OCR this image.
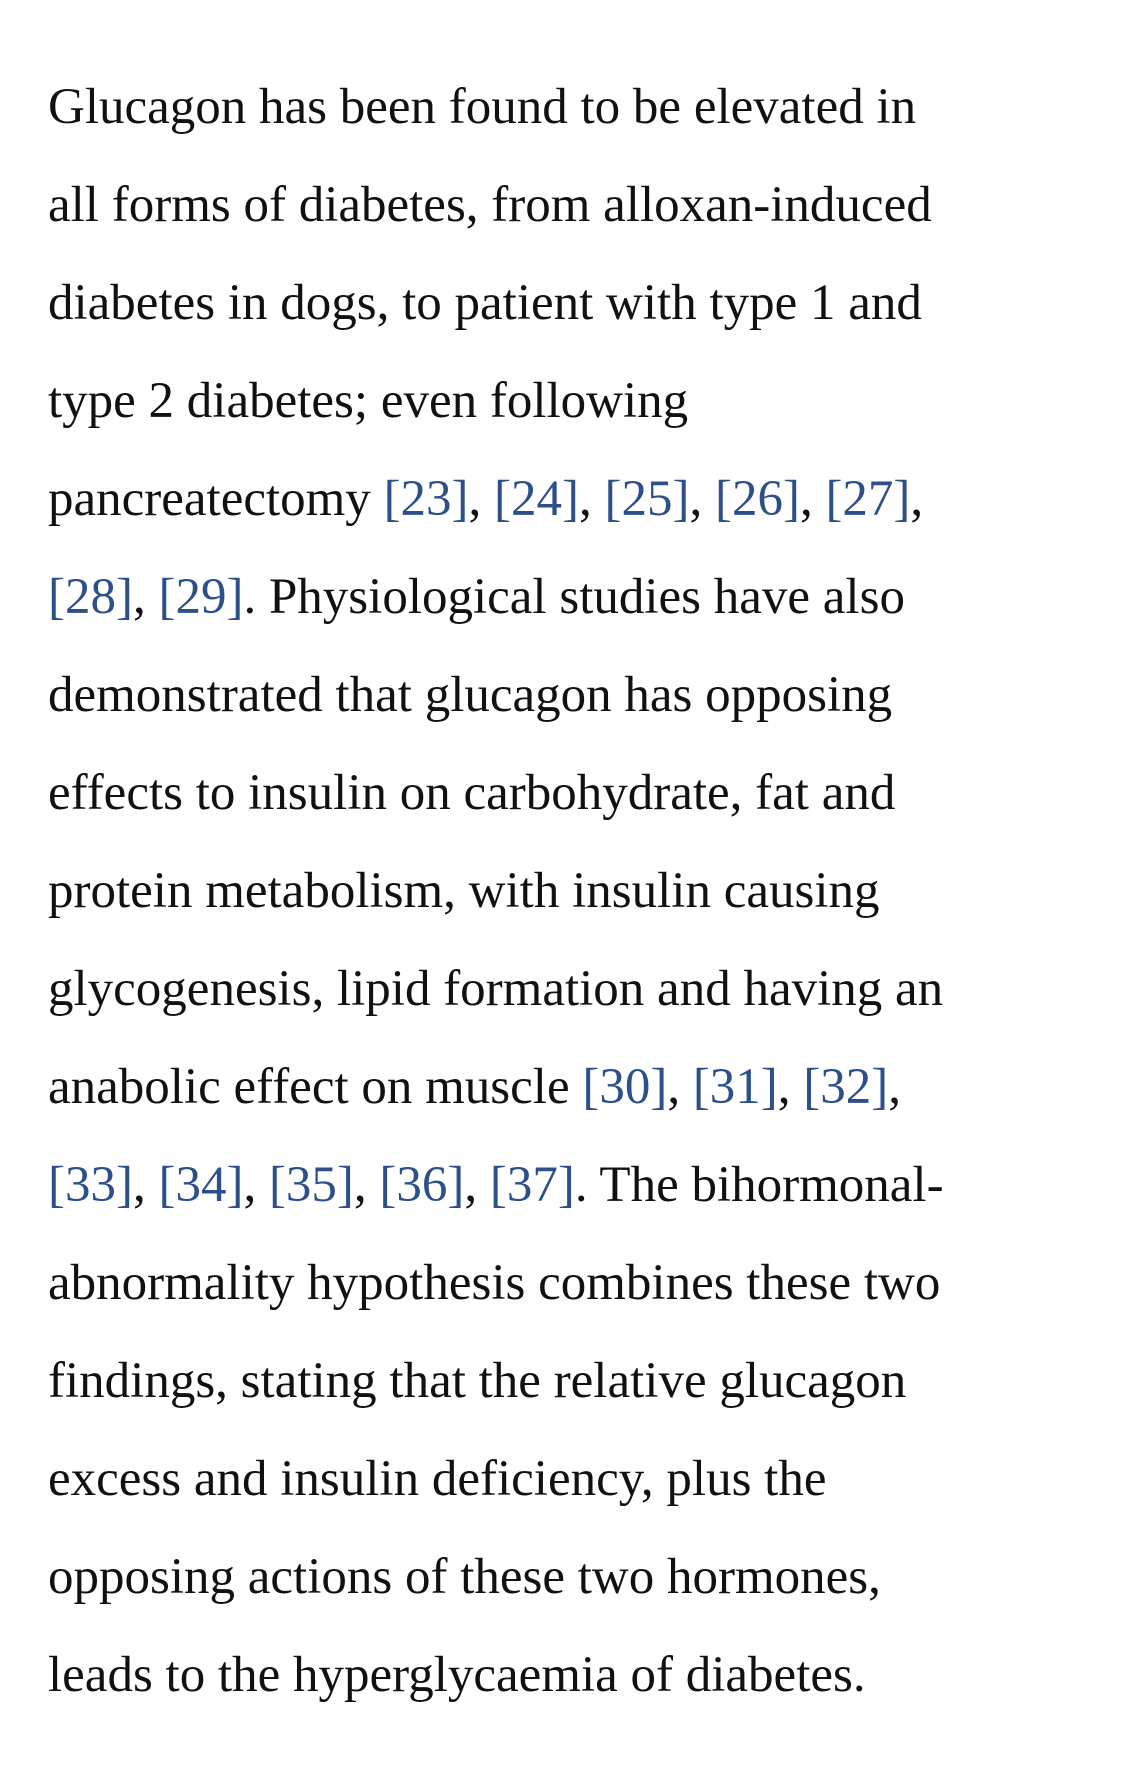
Glucagon has been found to be elevated in
all forms of diabetes, from alloxan-induced
diabetes in dogs, to patient with type 1 and
type 2 diabetes; even following
pancreatectomy [23], [24], [25], [26], [27],
[28], [29]. Physiological studies have also
demonstrated that glucagon has opposing
effects to insulin on carbohydrate, fat and
protein metabolism, with insulin causing
glycogenesis, lipid formation and having an
anabolic effect on muscle [30], [31], [32],
[33], [34], [35], [36], [37]. The bihormonal-
abnormality hypothesis combines these two
findings, stating that the relative glucagon
excess and insulin deficiency, plus the
opposing actions of these two hormones,
leads to the hyperglycaemia of diabetes.
